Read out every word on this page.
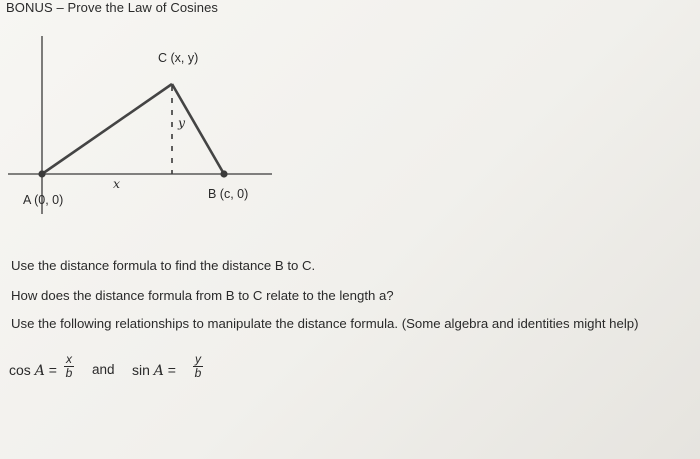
BONUS – Prove the Law of Cosines
C (x, y)
A (0, 0)	B (c, 0)
x
y
Use the distance formula to find the distance B to C.
How does the distance formula from B to C relate to the length a?
Use the following relationships to manipulate the distance formula. (Some algebra and identities might help)
$\cos A = \frac{x}{b}$ and $\sin A = \frac{y}{b}$
